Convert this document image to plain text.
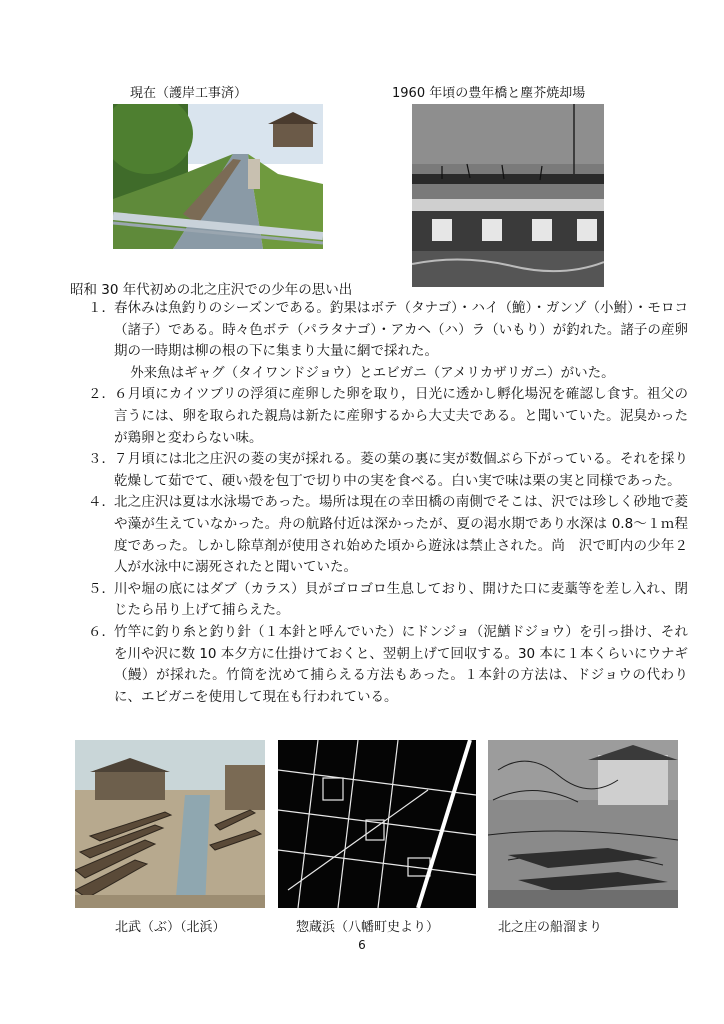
現在（護岸工事済）	1960 年頃の豊年橋と塵芥焼却場
昭和 30 年代初めの北之庄沢での少年の思い出
１． 春休みは魚釣りのシーズンである。釣果はボテ（タナゴ）・ハイ（鮠）・ガンゾ（小鮒）・モロコ（諸子）である。時々色ボテ（パラタナゴ）・アカヘ（ハ）ラ（いもり）が釣れた。諸子の産卵期の一時期は柳の根の下に集まり大量に網で採れた。

外来魚はギャグ（タイワンドジョウ）とエビガニ（アメリカザリガニ）がいた。

２． ６月頃にカイツブリの浮須に産卵した卵を取り，日光に透かし孵化場況を確認し食す。祖父の言うには、卵を取られた親鳥は新たに産卵するから大丈夫である。と聞いていた。泥臭かったが鶏卵と変わらない味。

３． ７月頃には北之庄沢の菱の実が採れる。菱の葉の裏に実が数個ぶら下がっている。それを採り乾燥して茹でて、硬い殻を包丁で切り中の実を食べる。白い実で味は栗の実と同様であった。

４． 北之庄沢は夏は水泳場であった。場所は現在の幸田橋の南側でそこは、沢では珍しく砂地で菱や藻が生えていなかった。舟の航路付近は深かったが、夏の渇水期であり水深は 0.8～１ｍ程度であった。しかし除草剤が使用され始めた頃から遊泳は禁止された。尚　沢で町内の少年２人が水泳中に溺死されたと聞いていた。

５． 川や堀の底にはダブ（カラス）貝がゴロゴロ生息しており、開けた口に麦藁等を差し入れ、閉じたら吊り上げて捕らえた。

６． 竹竿に釣り糸と釣り針（１本針と呼んでいた）にドンジョ（泥鰌ドジョウ）を引っ掛け、それを川や沢に数 10 本夕方に仕掛けておくと、翌朝上げて回収する。30 本に１本くらいにウナギ（鰻）が採れた。竹筒を沈めて捕らえる方法もあった。１本針の方法は、ドジョウの代わりに、エビガニを使用して現在も行われている。

北武（ぶ）（北浜）	惣蔵浜（八幡町史より）	北之庄の船溜まり
6
